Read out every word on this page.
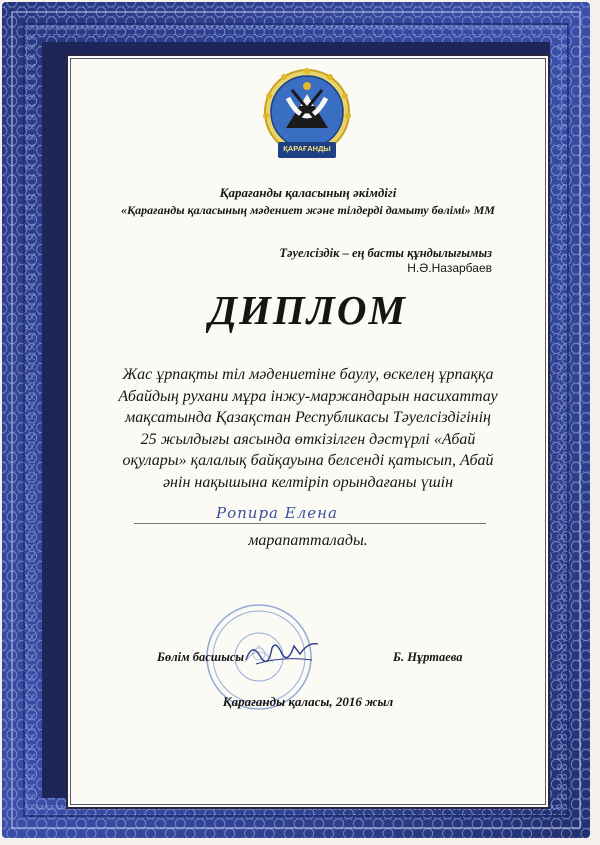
ҚАРАҒАНДЫ
Қарағанды қаласының әкімдігі
«Қарағанды қаласының мәдениет және тілдерді дамыту бөлімі» ММ
Тәуелсіздік – ең басты құндылығымыз
Н.Ә.Назарбаев
ДИПЛОМ
Жас ұрпақты тіл мәдениетіне баулу, өскелең ұрпаққа
Абайдың рухани мұра інжу-маржандарын насихаттау
мақсатында Қазақстан Республикасы Тәуелсіздігінің
25 жылдығы аясында өткізілген дәстүрлі «Абай
оқулары» қалалық байқауына белсенді қатысып, Абай
әнін нақышына келтіріп орындағаны үшін
Ропира Елена
марапатталады.
Бөлім басшысы	Б. Нұртаева
Қарағанды қаласы, 2016 жыл
